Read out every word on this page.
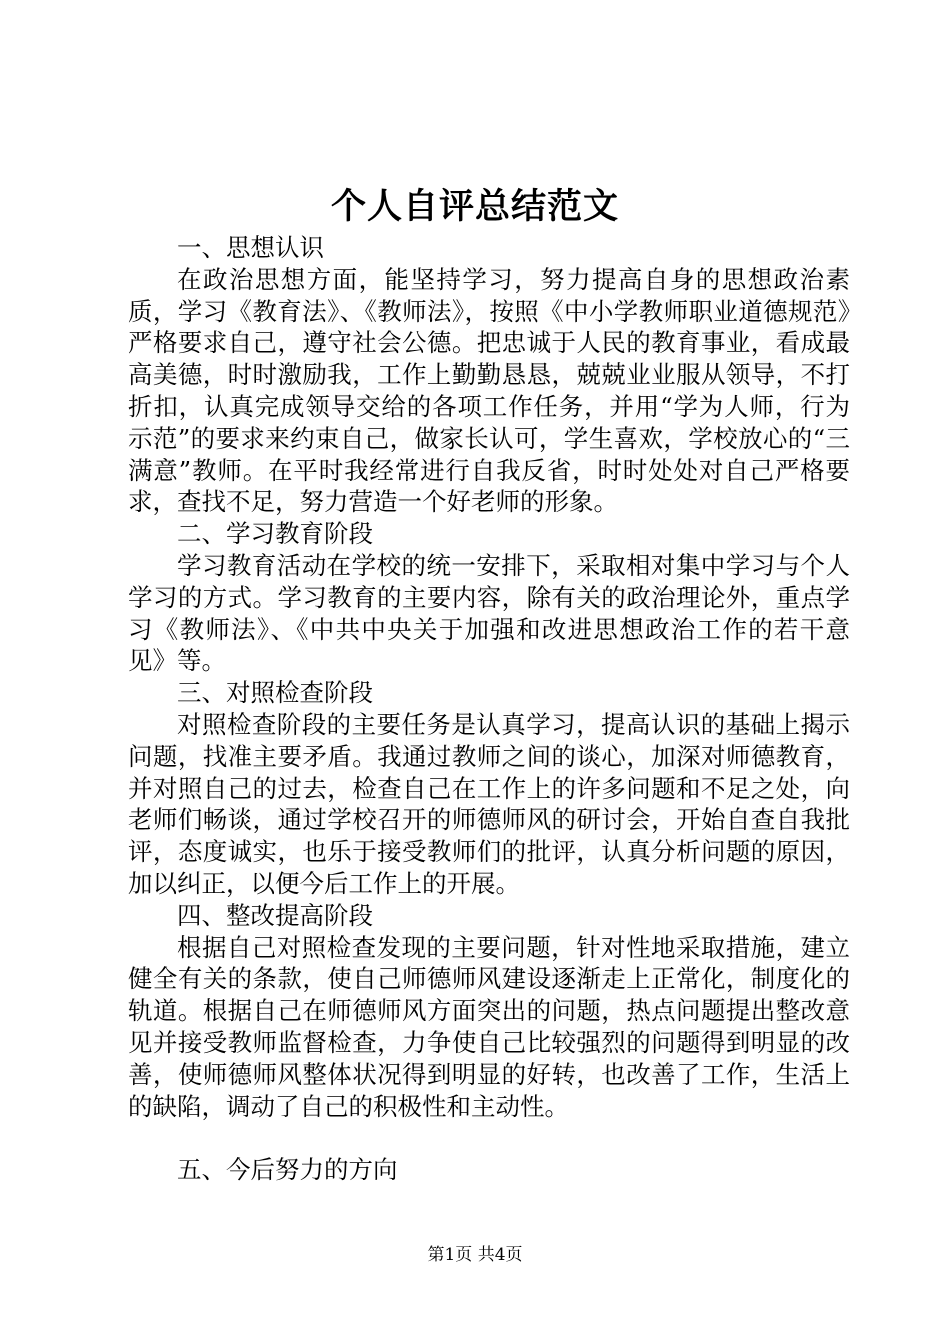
个人自评总结范文

一、思想认识

在政治思想方面，能坚持学习，努力提高自身的思想政治素质，学习《教育法》、《教师法》，按照《中小学教师职业道德规范》严格要求自己，遵守社会公德。把忠诚于人民的教育事业，看成最高美德，时时激励我，工作上勤勤恳恳，兢兢业业服从领导，不打折扣，认真完成领导交给的各项工作任务，并用“学为人师，行为示范”的要求来约束自己，做家长认可，学生喜欢，学校放心的“三满意”教师。在平时我经常进行自我反省，时时处处对自己严格要求，查找不足，努力营造一个好老师的形象。

二、学习教育阶段

学习教育活动在学校的统一安排下，采取相对集中学习与个人学习的方式。学习教育的主要内容，除有关的政治理论外，重点学习《教师法》、《中共中央关于加强和改进思想政治工作的若干意见》等。

三、对照检查阶段

对照检查阶段的主要任务是认真学习，提高认识的基础上揭示问题，找准主要矛盾。我通过教师之间的谈心，加深对师德教育，并对照自己的过去，检查自己在工作上的许多问题和不足之处，向老师们畅谈，通过学校召开的师德师风的研讨会，开始自查自我批评，态度诚实，也乐于接受教师们的批评，认真分析问题的原因，加以纠正，以便今后工作上的开展。

四、整改提高阶段

根据自己对照检查发现的主要问题，针对性地采取措施，建立健全有关的条款，使自己师德师风建设逐渐走上正常化，制度化的轨道。根据自己在师德师风方面突出的问题，热点问题提出整改意见并接受教师监督检查，力争使自己比较强烈的问题得到明显的改善，使师德师风整体状况得到明显的好转，也改善了工作，生活上的缺陷，调动了自己的积极性和主动性。

五、今后努力的方向

第1页 共4页
